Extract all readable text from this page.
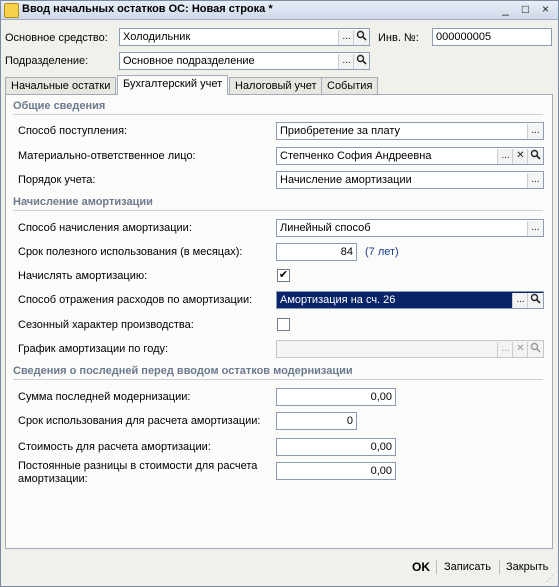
Ввод начальных остатков ОС: Новая строка *	_	□	×
Основное средство:	Холодильник	...	Инв. №:	000000005
Подразделение:	Основное подразделение	...
Начальные остатки	Бухгалтерский учет	Налоговый учет События
Общие сведения
Способ поступления:	Приобретение за плату	...
Материально-ответственное лицо:	Степченко София Андреевна	... ✕
Порядок учета:	Начисление амортизации	...
Начисление амортизации
Способ начисления амортизации:	Линейный способ	...
Срок полезного использования (в месяцах):	84	(7 лет)
Начислять амортизацию:	✔
Способ отражения расходов по амортизации:	Амортизация на сч. 26	...
Сезонный характер производства:
График амортизации по году:	... ✕
Сведения о последней перед вводом остатков модернизации
Сумма последней модернизации:	0,00
Срок использования для расчета амортизации:	0
Стоимость для расчета амортизации:	0,00
Постоянные разницы в стоимости для расчета
амортизации:
0,00
OK Записать Закрыть
⋰
